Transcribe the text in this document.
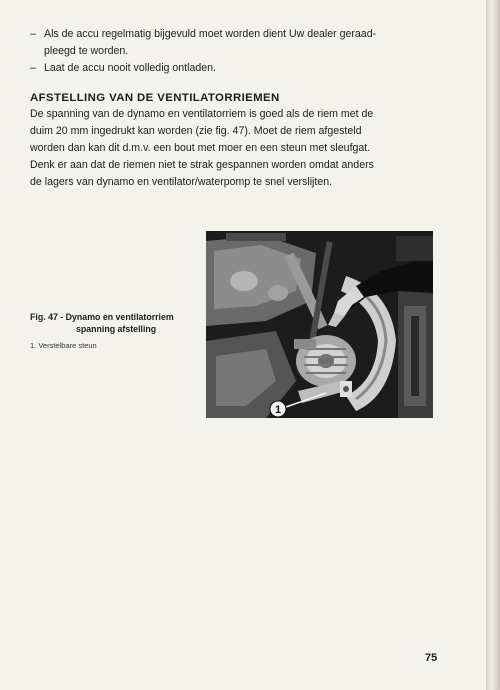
– Als de accu regelmatig bijgevuld moet worden dient Uw dealer geraad-
pleegd te worden.
– Laat de accu nooit volledig ontladen.
AFSTELLING VAN DE VENTILATORRIEMEN

De spanning van de dynamo en ventilatorriem is goed als de riem met de
duim 20 mm ingedrukt kan worden (zie fig. 47). Moet de riem afgesteld
worden dan kan dit d.m.v. een bout met moer en een steun met sleufgat.
Denk er aan dat de riemen niet te strak gespannen worden omdat anders
de lagers van dynamo en ventilator/waterpomp te snel verslijten.

Fig. 47 - Dynamo en ventilatorriem
spanning afstelling
1. Verstelbare steun
1
75
